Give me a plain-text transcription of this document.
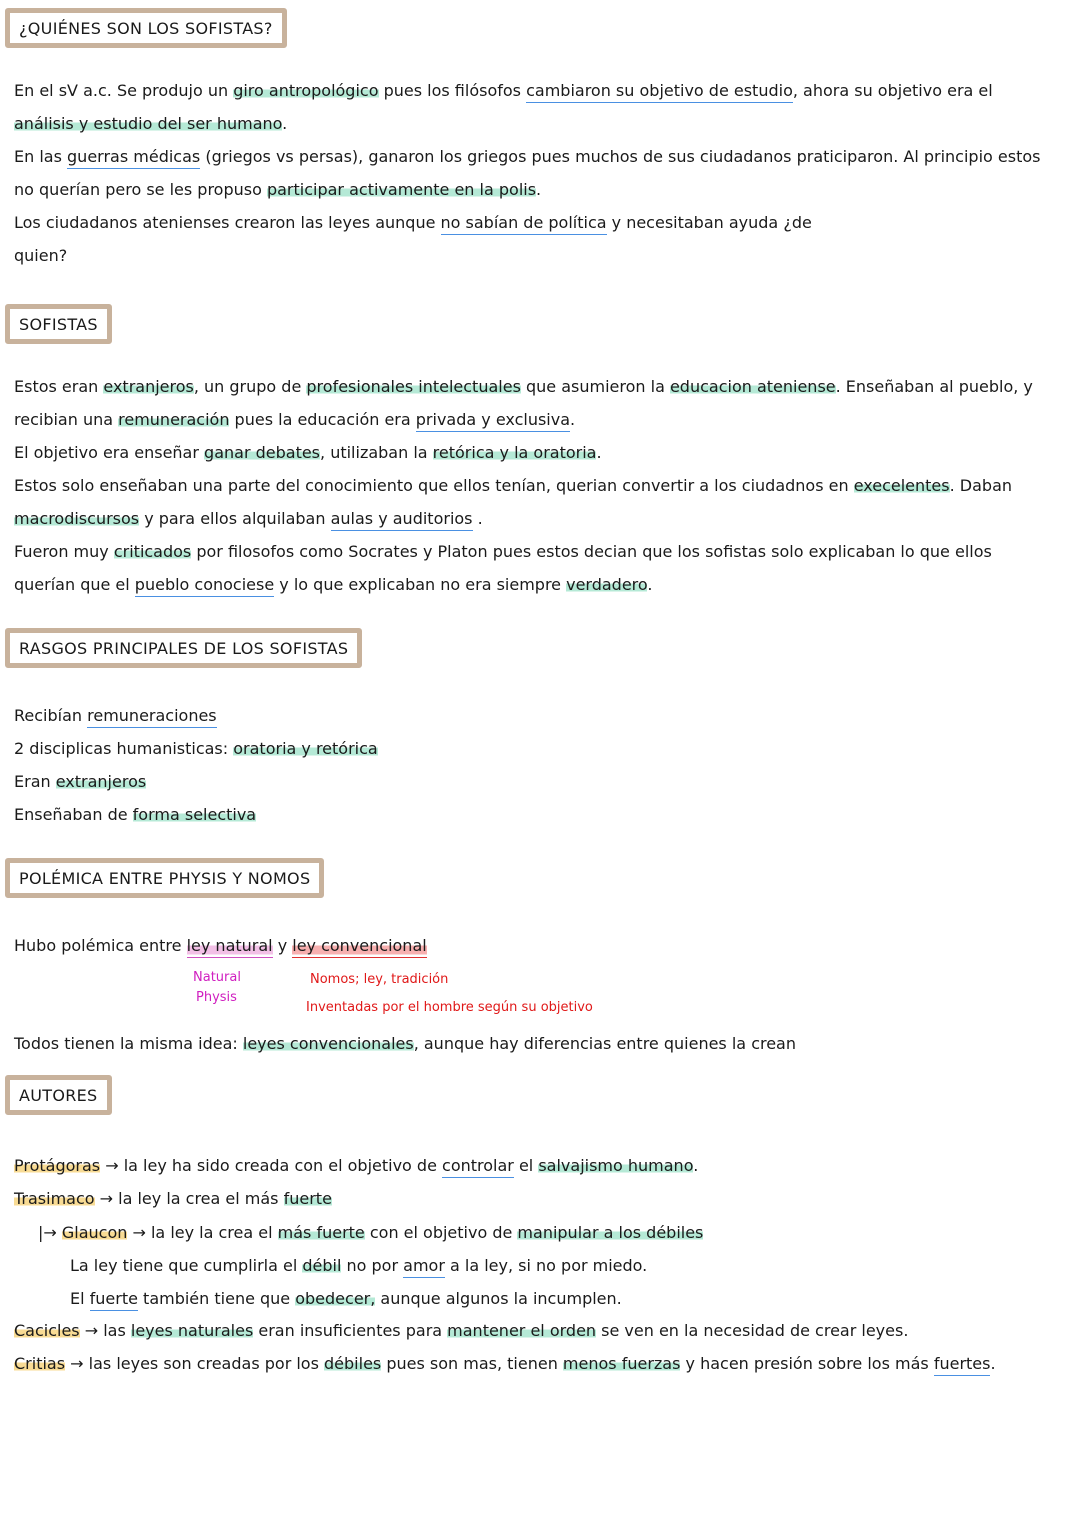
¿QUIÉNES SON LOS SOFISTAS?
En el sV a.c. Se produjo un giro antropológico pues los filósofos cambiaron su objetivo de estudio, ahora su objetivo era el
análisis y estudio del ser humano.
En las guerras médicas (griegos vs persas), ganaron los griegos pues muchos de sus ciudadanos praticiparon. Al principio estos
no querían pero se les propuso participar activamente en la polis.
Los ciudadanos atenienses crearon las leyes aunque no sabían de política y necesitaban ayuda ¿de
quien?
SOFISTAS
Estos eran extranjeros, un grupo de profesionales intelectuales que asumieron la educacion ateniense. Enseñaban al pueblo, y
recibian una remuneración pues la educación era privada y exclusiva.
El objetivo era enseñar ganar debates, utilizaban la retórica y la oratoria.
Estos solo enseñaban una parte del conocimiento que ellos tenían, querian convertir a los ciudadnos en execelentes. Daban
macrodiscursos y para ellos alquilaban aulas y auditorios .
Fueron muy criticados por filosofos como Socrates y Platon pues estos decian que los sofistas solo explicaban lo que ellos
querían que el pueblo conociese y lo que explicaban no era siempre verdadero.
RASGOS PRINCIPALES DE LOS SOFISTAS
Recibían remuneraciones
2 disciplicas humanisticas: oratoria y retórica
Eran extranjeros
Enseñaban de forma selectiva
POLÉMICA ENTRE PHYSIS Y NOMOS
Hubo polémica entre ley natural y ley convencional
Natural
Physis
Nomos; ley, tradición
Inventadas por el hombre según su objetivo
Todos tienen la misma idea: leyes convencionales, aunque hay diferencias entre quienes la crean
AUTORES
Protágoras → la ley ha sido creada con el objetivo de controlar el salvajismo humano.
Trasimaco → la ley la crea el más fuerte
|→ Glaucon → la ley la crea el más fuerte con el objetivo de manipular a los débiles
La ley tiene que cumplirla el débil no por amor a la ley, si no por miedo.
El fuerte también tiene que obedecer, aunque algunos la incumplen.
Cacicles → las leyes naturales eran insuficientes para mantener el orden se ven en la necesidad de crear leyes.
Critias → las leyes son creadas por los débiles pues son mas, tienen menos fuerzas y hacen presión sobre los más fuertes.
